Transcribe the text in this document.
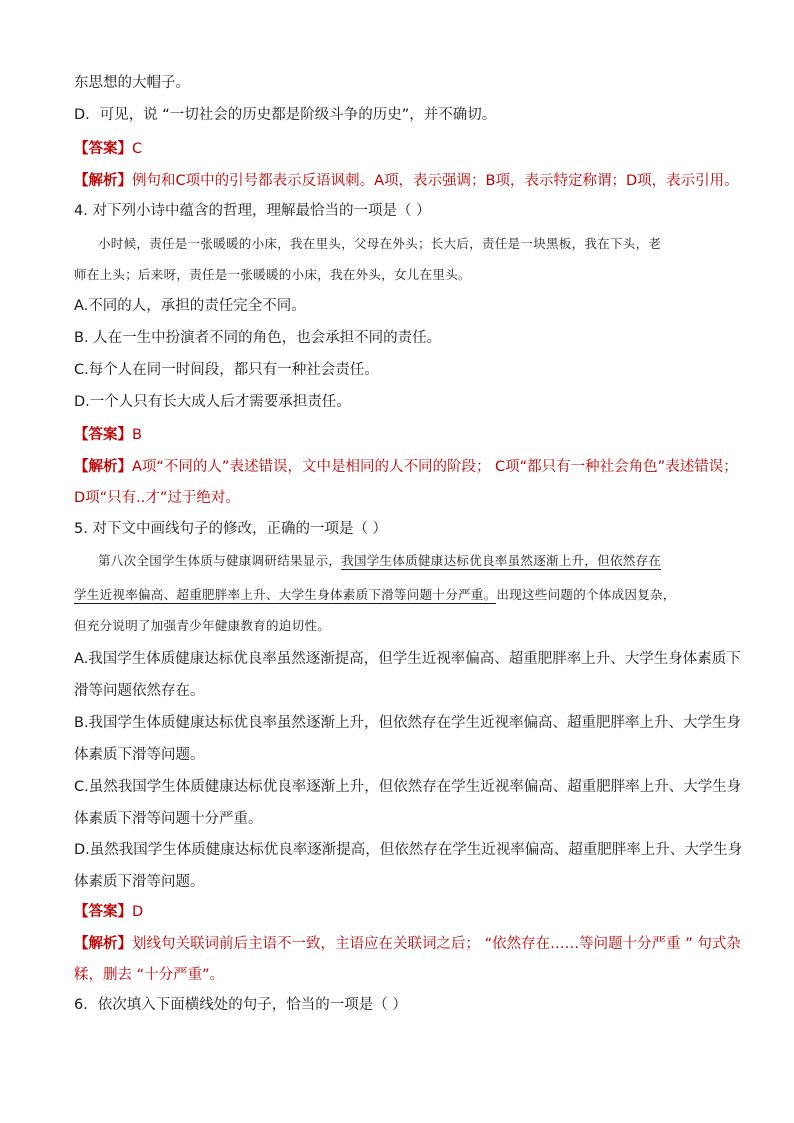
东思想的大帽子。
D．可见，说 “一切社会的历史都是阶级斗争的历史”，并不确切。
【答案】C
【解析】例句和C项中的引号都表示反语讽刺。A项，表示强调；B项，表示特定称谓；D项，表示引用。
4. 对下列小诗中蕴含的哲理，理解最恰当的一项是（ ）
小时候，责任是一张暖暖的小床，我在里头，父母在外头；长大后，责任是一块黑板，我在下头，老
师在上头；后来呀，责任是一张暖暖的小床，我在外头，女儿在里头。
A.不同的人，承担的责任完全不同。
B. 人在一生中扮演者不同的角色，也会承担不同的责任。
C.每个人在同一时间段，都只有一种社会责任。
D.一个人只有长大成人后才需要承担责任。
【答案】B
【解析】A项“不同的人”表述错误，文中是相同的人不同的阶段； C项“都只有一种社会角色”表述错误；
D项“只有..才”过于绝对。
5. 对下文中画线句子的修改，正确的一项是（ ）
第八次全国学生体质与健康调研结果显示，我国学生体质健康达标优良率虽然逐渐上升，但依然存在
学生近视率偏高、超重肥胖率上升、大学生身体素质下滑等问题十分严重。出现这些问题的个体成因复杂，
但充分说明了加强青少年健康教育的迫切性。
A.我国学生体质健康达标优良率虽然逐渐提高，但学生近视率偏高、超重肥胖率上升、大学生身体素质下
滑等问题依然存在。
B.我国学生体质健康达标优良率虽然逐渐上升，但依然存在学生近视率偏高、超重肥胖率上升、大学生身
体素质下滑等问题。
C.虽然我国学生体质健康达标优良率逐渐上升，但依然存在学生近视率偏高、超重肥胖率上升、大学生身
体素质下滑等问题十分严重。
D.虽然我国学生体质健康达标优良率逐渐提高，但依然存在学生近视率偏高、超重肥胖率上升、大学生身
体素质下滑等问题。
【答案】D
【解析】划线句关联词前后主语不一致，主语应在关联词之后； “依然存在……等问题十分严重 ” 句式杂
糅，删去 “十分严重”。
6．依次填入下面横线处的句子，恰当的一项是（ ）
